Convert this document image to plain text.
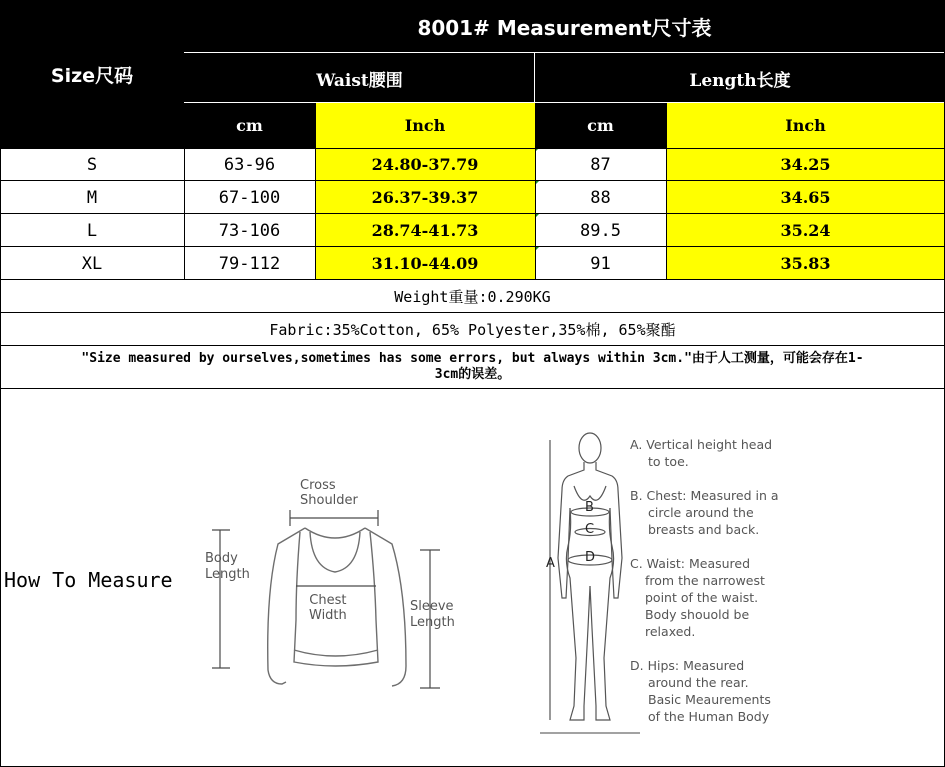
Size尺码
8001# Measurement尺寸表
Waist腰围	Length长度
cm	Inch	cm	Inch
S	63-96	24.80-37.79	87	34.25
M	67-100	26.37-39.37	88	34.65
L	73-106	28.74-41.73	89.5	35.24
XL	79-112	31.10-44.09	91	35.83
Weight重量:0.290KG
Fabric:35%Cotton, 65% Polyester,35%棉, 65%聚酯
"Size measured by ourselves,sometimes has some errors, but always within 3cm."由于人工测量，可能会存在1-
3cm的误差。
How To Measure
Cross
Shoulder
Body
Length
Chest
Width
Sleeve
Length
A
B
C
D
A. Vertical height head
to toe.
B. Chest: Measured in a
circle around the
breasts and back.
C. Waist: Measured
from the narrowest
point of the waist.
Body shouold be
relaxed.
D. Hips: Measured
around the rear.
Basic Meaurements
of the Human Body
